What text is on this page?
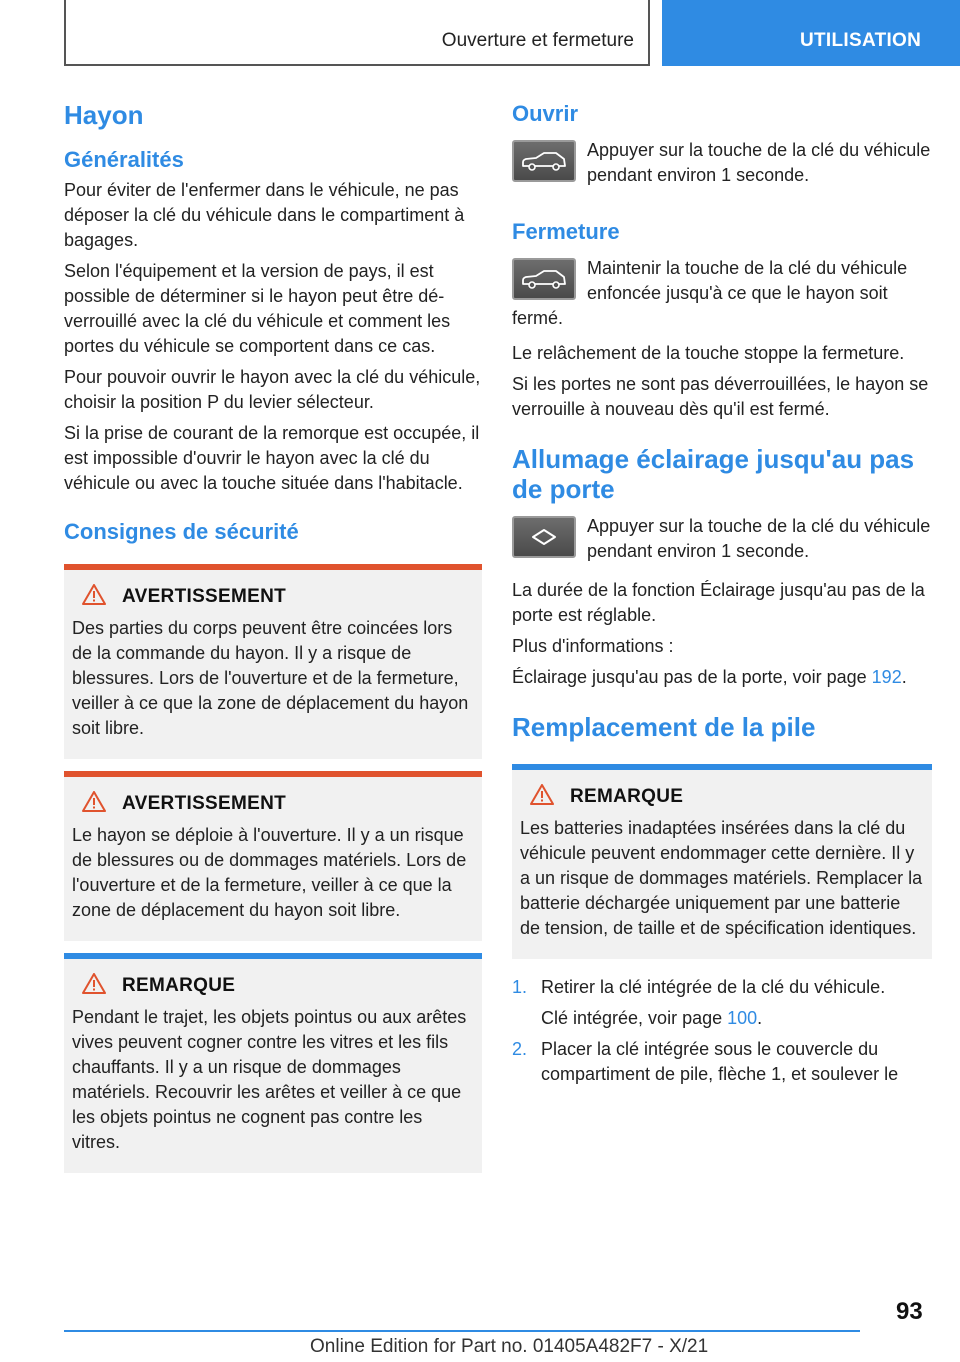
Ouverture et fermeture	UTILISATION
Hayon
Généralités

Pour éviter de l'enfermer dans le véhicule, ne pas déposer la clé du véhicule dans le compartiment à bagages.

Selon l'équipement et la version de pays, il est possible de déterminer si le hayon peut être déverrouillé avec la clé du véhicule et comment les portes du véhicule se comportent dans ce cas.

Pour pouvoir ouvrir le hayon avec la clé du véhicule, choisir la position P du levier sélecteur.

Si la prise de courant de la remorque est occupée, il est impossible d'ouvrir le hayon avec la clé du véhicule ou avec la touche située dans l'habitacle.

Consignes de sécurité
AVERTISSEMENT

Des parties du corps peuvent être coincées lors de la commande du hayon. Il y a risque de blessures. Lors de l'ouverture et de la fermeture, veiller à ce que la zone de déplacement du hayon soit libre.

AVERTISSEMENT

Le hayon se déploie à l'ouverture. Il y a un risque de blessures ou de dommages matériels. Lors de l'ouverture et de la fermeture, veiller à ce que la zone de déplacement du hayon soit libre.

REMARQUE

Pendant le trajet, les objets pointus ou aux arêtes vives peuvent cogner contre les vitres et les fils chauffants. Il y a un risque de dommages matériels. Recouvrir les arêtes et veiller à ce que les objets pointus ne cognent pas contre les vitres.

Ouvrir

Appuyer sur la touche de la clé du véhicule pendant environ 1 seconde.

Fermeture

Maintenir la touche de la clé du véhicule enfoncée jusqu'à ce que le hayon soit fermé.

Le relâchement de la touche stoppe la fermeture.

Si les portes ne sont pas déverrouillées, le hayon se verrouille à nouveau dès qu'il est fermé.

Allumage éclairage jusqu'au pas de porte

Appuyer sur la touche de la clé du véhicule pendant environ 1 seconde.

La durée de la fonction Éclairage jusqu'au pas de la porte est réglable.

Plus d'informations :

Éclairage jusqu'au pas de la porte, voir page 192.

Remplacement de la pile
REMARQUE

Les batteries inadaptées insérées dans la clé du véhicule peuvent endommager cette dernière. Il y a un risque de dommages matériels. Remplacer la batterie déchargée uniquement par une batterie de tension, de taille et de spécification identiques.

1. Retirer la clé intégrée de la clé du véhicule.
Clé intégrée, voir page 100.
2. Placer la clé intégrée sous le couvercle du compartiment de pile, flèche 1, et soulever le
93
Online Edition for Part no. 01405A482F7 - X/21
